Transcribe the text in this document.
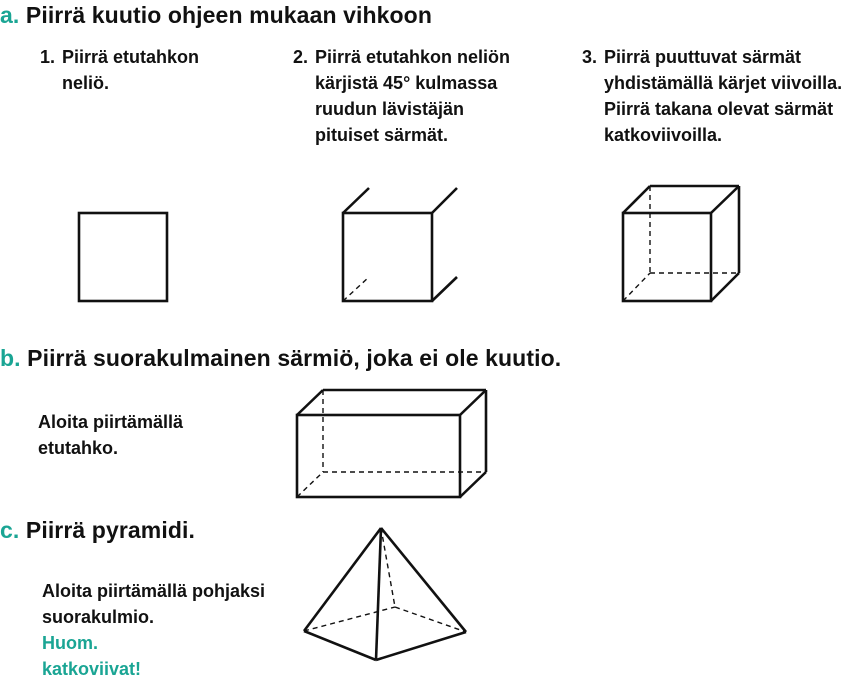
a. Piirrä kuutio ohjeen mukaan vihkoon
1. Piirrä etutahkon neliö.
2. Piirrä etutahkon neliön kärjistä 45° kulmassa ruudun lävistäjän pituiset särmät.
3. Piirrä puuttuvat särmät yhdistämällä kärjet viivoilla. Piirrä takana olevat särmät katkoviivoilla.
b. Piirrä suorakulmainen särmiö, joka ei ole kuutio.
Aloita piirtämällä etutahko.
c. Piirrä pyramidi.
Aloita piirtämällä pohjaksi suorakulmio.
Huom.
katkoviivat!
